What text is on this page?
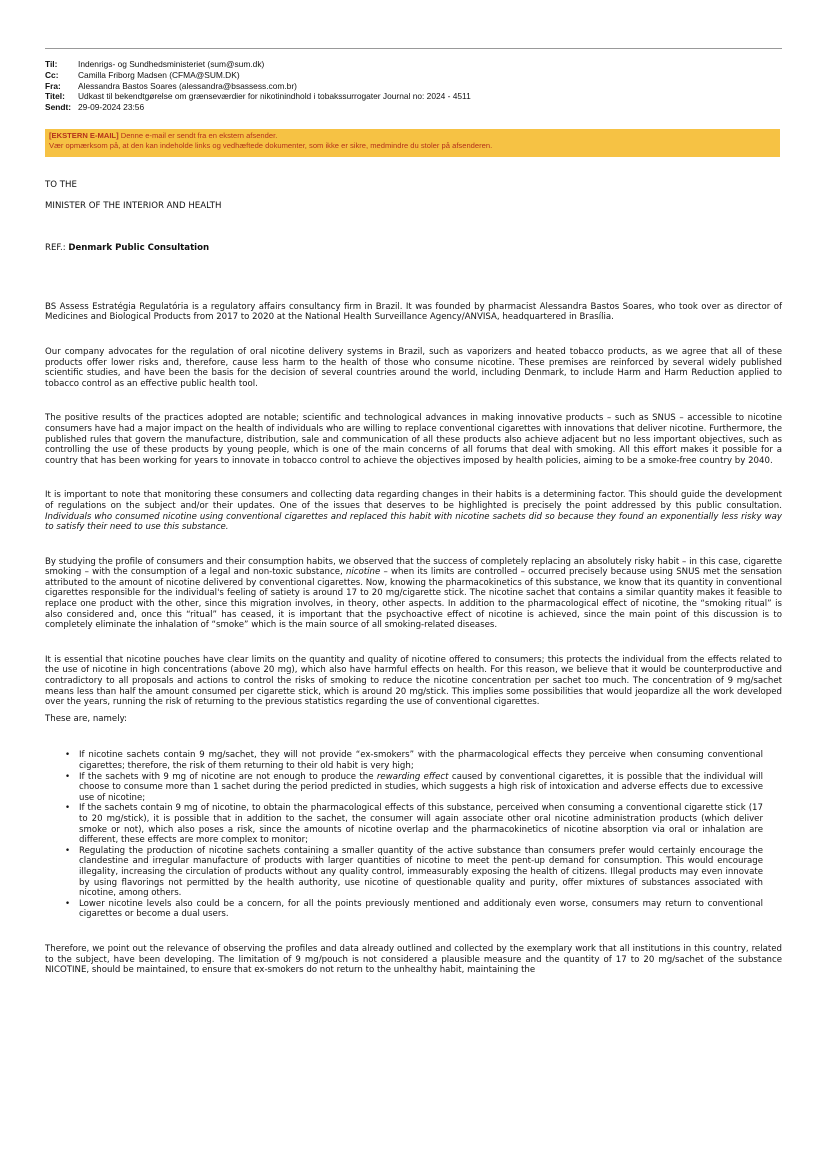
Til:	Indenrigs- og Sundhedsministeriet (sum@sum.dk)
Cc:	Camilla Friborg Madsen (CFMA@SUM.DK)
Fra:	Alessandra Bastos Soares (alessandra@bsassess.com.br)
Titel:	Udkast til bekendtgørelse om grænseværdier for nikotinindhold i tobakssurrogater Journal no: 2024 - 4511
Sendt: 29-09-2024 23:56
[EKSTERN E-MAIL] Denne e-mail er sendt fra en ekstern afsender.
Vær opmærksom på, at den kan indeholde links og vedhæftede dokumenter, som ikke er sikre, medmindre du stoler på afsenderen.

TO THE

MINISTER OF THE INTERIOR AND HEALTH

REF.: Denmark Public Consultation

BS Assess Estratégia Regulatória is a regulatory affairs consultancy firm in Brazil. It was founded by pharmacist Alessandra Bastos Soares, who took over as director of Medicines and Biological Products from 2017 to 2020 at the National Health Surveillance Agency/ANVISA, headquartered in Brasília.

Our company advocates for the regulation of oral nicotine delivery systems in Brazil, such as vaporizers and heated tobacco products, as we agree that all of these products offer lower risks and, therefore, cause less harm to the health of those who consume nicotine. These premises are reinforced by several widely published scientific studies, and have been the basis for the decision of several countries around the world, including Denmark, to include Harm and Harm Reduction applied to tobacco control as an effective public health tool.

The positive results of the practices adopted are notable; scientific and technological advances in making innovative products – such as SNUS – accessible to nicotine consumers have had a major impact on the health of individuals who are willing to replace conventional cigarettes with innovations that deliver nicotine. Furthermore, the published rules that govern the manufacture, distribution, sale and communication of all these products also achieve adjacent but no less important objectives, such as controlling the use of these products by young people, which is one of the main concerns of all forums that deal with smoking. All this effort makes it possible for a country that has been working for years to innovate in tobacco control to achieve the objectives imposed by health policies, aiming to be a smoke-free country by 2040.

It is important to note that monitoring these consumers and collecting data regarding changes in their habits is a determining factor. This should guide the development of regulations on the subject and/or their updates. One of the issues that deserves to be highlighted is precisely the point addressed by this public consultation. Individuals who consumed nicotine using conventional cigarettes and replaced this habit with nicotine sachets did so because they found an exponentially less risky way to satisfy their need to use this substance.

By studying the profile of consumers and their consumption habits, we observed that the success of completely replacing an absolutely risky habit – in this case, cigarette smoking – with the consumption of a legal and non-toxic substance, nicotine – when its limits are controlled – occurred precisely because using SNUS met the sensation attributed to the amount of nicotine delivered by conventional cigarettes. Now, knowing the pharmacokinetics of this substance, we know that its quantity in conventional cigarettes responsible for the individual's feeling of satiety is around 17 to 20 mg/cigarette stick. The nicotine sachet that contains a similar quantity makes it feasible to replace one product with the other, since this migration involves, in theory, other aspects. In addition to the pharmacological effect of nicotine, the “smoking ritual” is also considered and, once this “ritual” has ceased, it is important that the psychoactive effect of nicotine is achieved, since the main point of this discussion is to completely eliminate the inhalation of “smoke” which is the main source of all smoking-related diseases.

It is essential that nicotine pouches have clear limits on the quantity and quality of nicotine offered to consumers; this protects the individual from the effects related to the use of nicotine in high concentrations (above 20 mg), which also have harmful effects on health. For this reason, we believe that it would be counterproductive and contradictory to all proposals and actions to control the risks of smoking to reduce the nicotine concentration per sachet too much. The concentration of 9 mg/sachet means less than half the amount consumed per cigarette stick, which is around 20 mg/stick. This implies some possibilities that would jeopardize all the work developed over the years, running the risk of returning to the previous statistics regarding the use of conventional cigarettes.

These are, namely:

• If nicotine sachets contain 9 mg/sachet, they will not provide “ex-smokers” with the pharmacological effects they perceive when consuming conventional cigarettes; therefore, the risk of them returning to their old habit is very high;
• If the sachets with 9 mg of nicotine are not enough to produce the rewarding effect caused by conventional cigarettes, it is possible that the individual will choose to consume more than 1 sachet during the period predicted in studies, which suggests a high risk of intoxication and adverse effects due to excessive use of nicotine;
• If the sachets contain 9 mg of nicotine, to obtain the pharmacological effects of this substance, perceived when consuming a conventional cigarette stick (17 to 20 mg/stick), it is possible that in addition to the sachet, the consumer will again associate other oral nicotine administration products (which deliver smoke or not), which also poses a risk, since the amounts of nicotine overlap and the pharmacokinetics of nicotine absorption via oral or inhalation are different, these effects are more complex to monitor;
• Regulating the production of nicotine sachets containing a smaller quantity of the active substance than consumers prefer would certainly encourage the clandestine and irregular manufacture of products with larger quantities of nicotine to meet the pent-up demand for consumption. This would encourage illegality, increasing the circulation of products without any quality control, immeasurably exposing the health of citizens. Illegal products may even innovate by using flavorings not permitted by the health authority, use nicotine of questionable quality and purity, offer mixtures of substances associated with nicotine, among others.
• Lower nicotine levels also could be a concern, for all the points previously mentioned and additionaly even worse, consumers may return to conventional cigarettes or become a dual users.

Therefore, we point out the relevance of observing the profiles and data already outlined and collected by the exemplary work that all institutions in this country, related to the subject, have been developing. The limitation of 9 mg/pouch is not considered a plausible measure and the quantity of 17 to 20 mg/sachet of the substance NICOTINE, should be maintained, to ensure that ex-smokers do not return to the unhealthy habit, maintaining the
